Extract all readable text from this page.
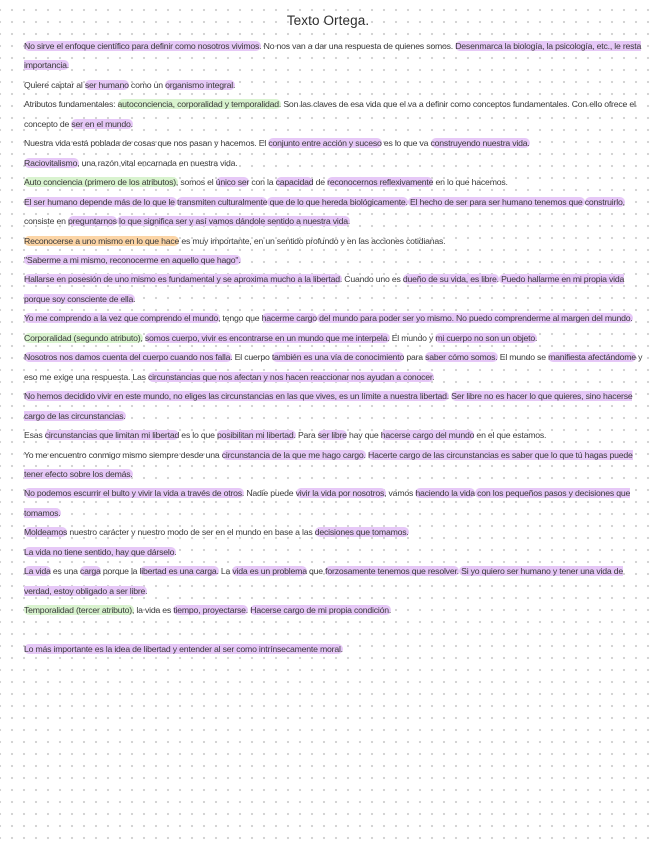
Texto Ortega.

No sirve el enfoque científico para definir como nosotros vivimos. No nos van a dar una respuesta de quienes somos. Desenmarca la biología, la psicología, etc., le resta importancia.

Quiere captar al ser humano como un organismo integral.

Atributos fundamentales: autoconciencia, corporalidad y temporalidad. Son las claves de esa vida que el va a definir como conceptos fundamentales. Con ello ofrece el concepto de ser en el mundo.

Nuestra vida está poblada de cosas que nos pasan y hacemos. El conjunto entre acción y suceso es lo que va construyendo nuestra vida.

Raciovitalismo, una razón vital encarnada en nuestra vida.

Auto conciencia (primero de los atributos), somos el único ser con la capacidad de reconocernos reflexivamente en lo que hacemos.

El ser humano depende más de lo que le transmiten culturalmente que de lo que hereda biológicamente. El hecho de ser para ser humano tenemos que construirlo, consiste en preguntarnos lo que significa ser y así vamos dándole sentido a nuestra vida.

Reconocerse a uno mismo en lo que hace es muy importante, en un sentido profundo y en las acciones cotidianas.

"Saberme a mi mismo, reconocerme en aquello que hago".

Hallarse en posesión de uno mismo es fundamental y se aproxima mucho a la libertad. Cuando uno es dueño de su vida, es libre. Puedo hallarme en mi propia vida porque soy consciente de ella.

Yo me comprendo a la vez que comprendo el mundo, tengo que hacerme cargo del mundo para poder ser yo mismo. No puedo comprenderme al margen del mundo.

Corporalidad (segundo atributo), somos cuerpo, vivir es encontrarse en un mundo que me interpela. El mundo y mi cuerpo no son un objeto.

Nosotros nos damos cuenta del cuerpo cuando nos falla. El cuerpo también es una vía de conocimiento para saber cómo somos. El mundo se manifiesta afectándome y eso me exige una respuesta. Las circunstancias que nos afectan y nos hacen reaccionar nos ayudan a conocer.

No hemos decidido vivir en este mundo, no eliges las circunstancias en las que vives, es un límite a nuestra libertad. Ser libre no es hacer lo que quieres, sino hacerse cargo de las circunstancias.

Esas circunstancias que limitan mi libertad es lo que posibilitan mi libertad. Para ser libre hay que hacerse cargo del mundo en el que estamos.

Yo me encuentro conmigo mismo siempre desde una circunstancia de la que me hago cargo. Hacerte cargo de las circunstancias es saber que lo que tú hagas puede tener efecto sobre los demás.

No podemos escurrir el bulto y vivir la vida a través de otros. Nadie puede vivir la vida por nosotros, vamos haciendo la vida con los pequeños pasos y decisiones que tomamos.

Moldeamos nuestro carácter y nuestro modo de ser en el mundo en base a las decisiones que tomamos.

La vida no tiene sentido, hay que dárselo.

La vida es una carga porque la libertad es una carga. La vida es un problema que forzosamente tenemos que resolver. Si yo quiero ser humano y tener una vida de verdad, estoy obligado a ser libre.

Temporalidad (tercer atributo), la vida es tiempo, proyectarse. Hacerse cargo de mi propia condición.

Lo más importante es la idea de libertad y entender al ser como intrínsecamente moral.
